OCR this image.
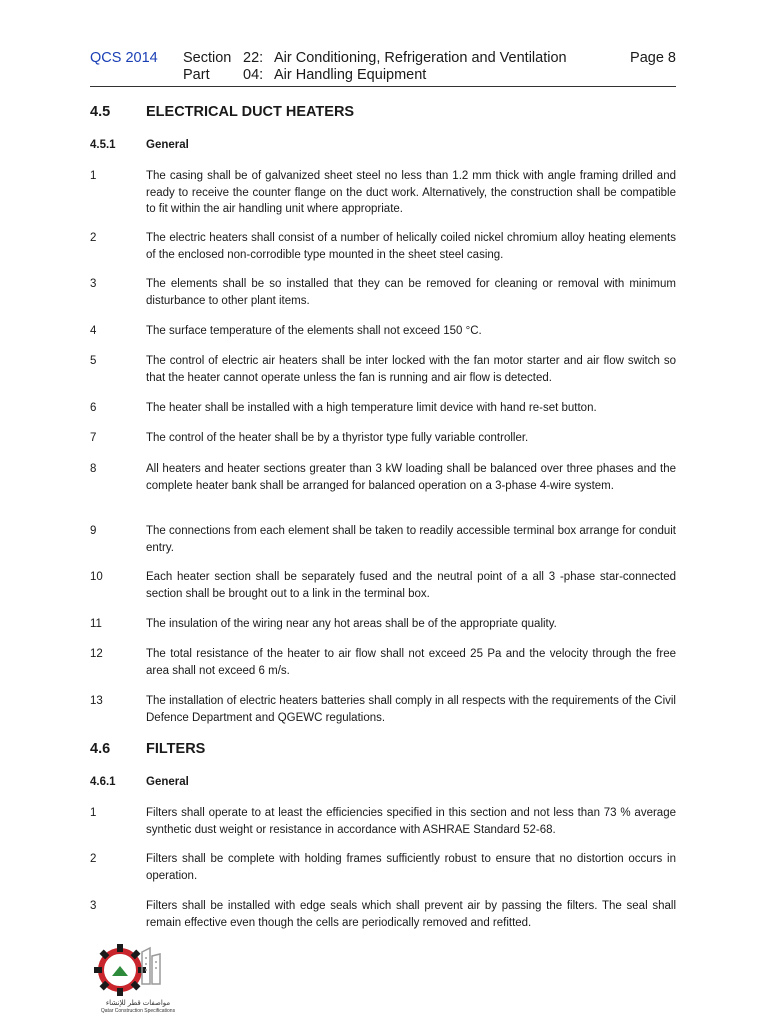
QCS 2014 Section 22: Air Conditioning, Refrigeration and Ventilation	Page 8
Part 04: Air Handling Equipment
4.5 ELECTRICAL DUCT HEATERS
4.5.1	General
1	The casing shall be of galvanized sheet steel no less than 1.2 mm thick with angle framing drilled and ready to receive the counter flange on the duct work. Alternatively, the construction shall be compatible to fit within the air handling unit where appropriate.
2	The electric heaters shall consist of a number of helically coiled nickel chromium alloy heating elements of the enclosed non-corrodible type mounted in the sheet steel casing.
3	The elements shall be so installed that they can be removed for cleaning or removal with minimum disturbance to other plant items.
4	The surface temperature of the elements shall not exceed 150 °C.
5	The control of electric air heaters shall be inter locked with the fan motor starter and air flow switch so that the heater cannot operate unless the fan is running and air flow is detected.
6	The heater shall be installed with a high temperature limit device with hand re-set button.
7	The control of the heater shall be by a thyristor type fully variable controller.
8	All heaters and heater sections greater than 3 kW loading shall be balanced over three phases and the complete heater bank shall be arranged for balanced operation on a 3-phase 4-wire system.
9	The connections from each element shall be taken to readily accessible terminal box arrange for conduit entry.
10	Each heater section shall be separately fused and the neutral point of a all 3 -phase star-connected section shall be brought out to a link in the terminal box.
11	The insulation of the wiring near any hot areas shall be of the appropriate quality.
12	The total resistance of the heater to air flow shall not exceed 25 Pa and the velocity through the free area shall not exceed 6 m/s.
13	The installation of electric heaters batteries shall comply in all respects with the requirements of the Civil Defence Department and QGEWC regulations.
4.6 FILTERS
4.6.1	General
1	Filters shall operate to at least the efficiencies specified in this section and not less than 73 % average synthetic dust weight or resistance in accordance with ASHRAE Standard 52-68.
2	Filters shall be complete with holding frames sufficiently robust to ensure that no distortion occurs in operation.
3	Filters shall be installed with edge seals which shall prevent air by passing the filters. The seal shall remain effective even though the cells are periodically removed and refitted.
مواصفات قطر للإنشاء
Qatar Construction Specifications
